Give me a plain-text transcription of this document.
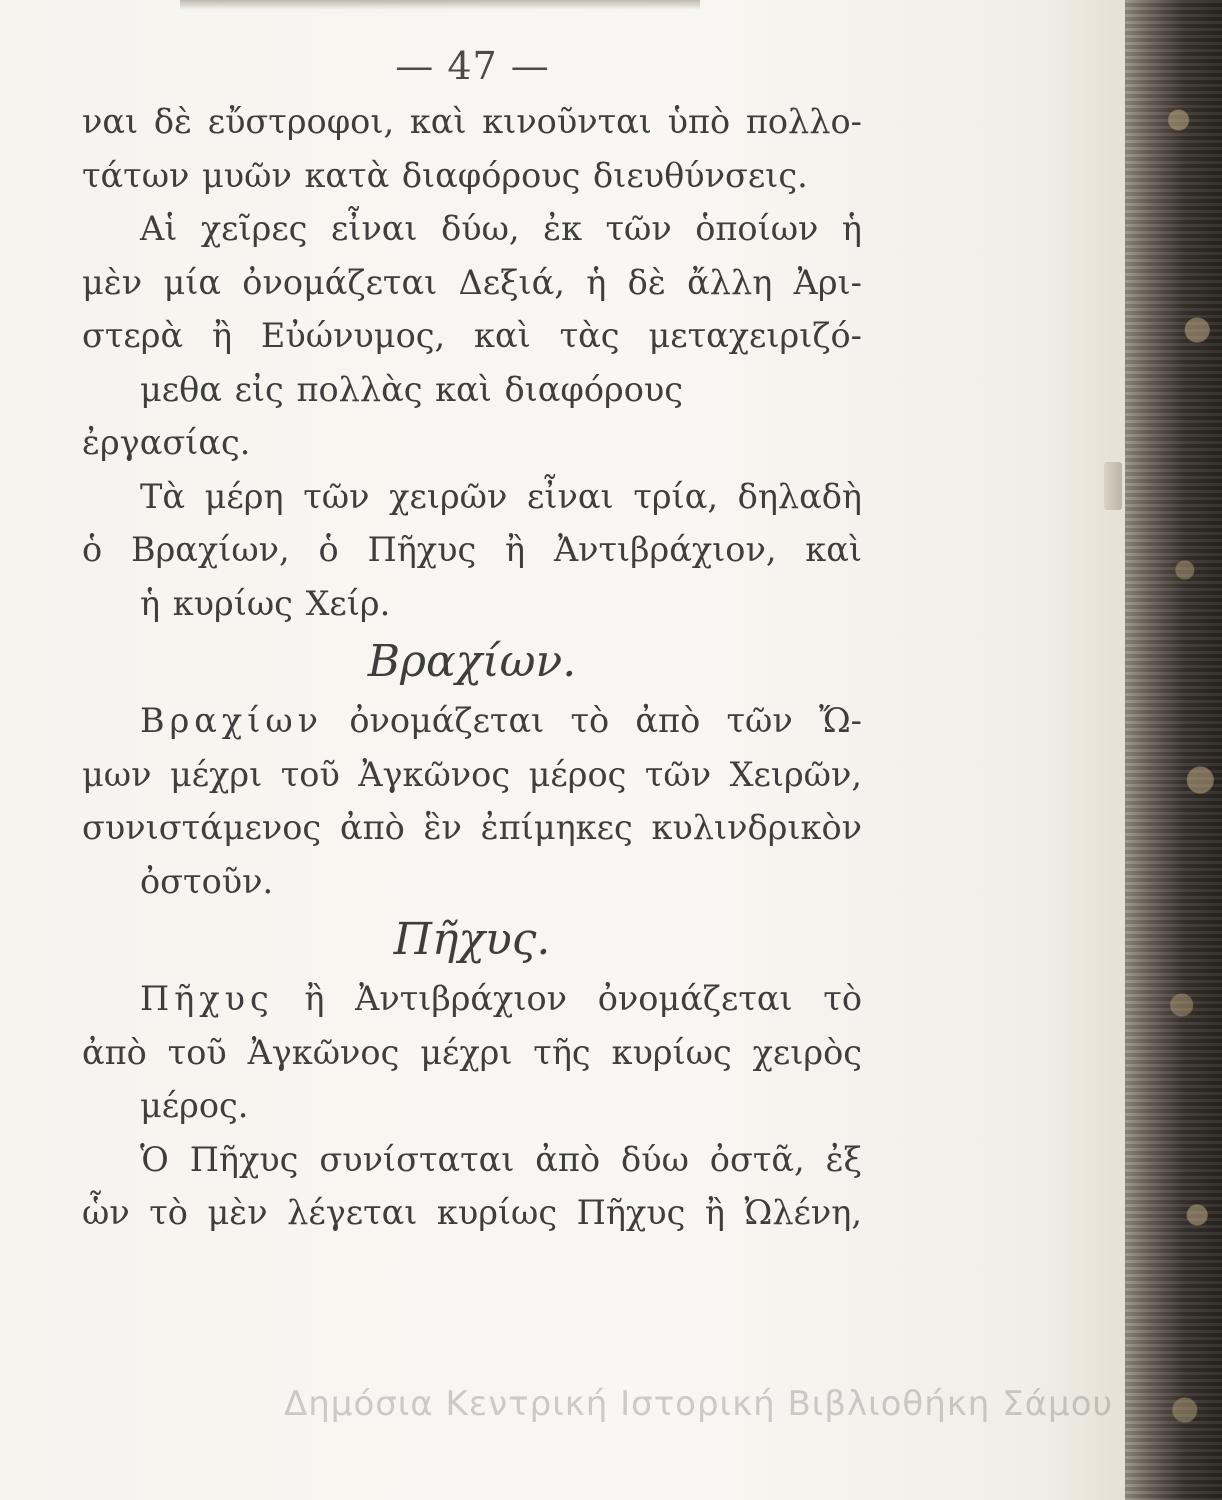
— 47 —

ναι δὲ εὔστροφοι, καὶ κινοῦνται ὑπὸ πολλο-

τάτων μυῶν κατὰ διαφόρους διευθύνσεις.

Αἱ χεῖρες εἶναι δύω, ἐκ τῶν ὁποίων ἡ
μὲν μία ὀνομάζεται Δεξιά, ἡ δὲ ἄλλη Ἀρι-
στερὰ ἢ Εὐώνυμος, καὶ τὰς μεταχειριζό-

μεθα εἰς πολλὰς καὶ διαφόρους ἐργασίας.

Τὰ μέρη τῶν χειρῶν εἶναι τρία, δηλαδὴ
ὁ Βραχίων, ὁ Πῆχυς ἢ Ἀντιβράχιον, καὶ

ἡ κυρίως Χείρ.

Βραχίων.

Βραχίων ὀνομάζεται τὸ ἀπὸ τῶν Ὤ-
μων μέχρι τοῦ Ἀγκῶνος μέρος τῶν Χειρῶν,
συνιστάμενος ἀπὸ ἓν ἐπίμηκες κυλινδρικὸν

ὀστοῦν.

Πῆχυς.

Πῆχυς ἢ Ἀντιβράχιον ὀνομάζεται τὸ
ἀπὸ τοῦ Ἀγκῶνος μέχρι τῆς κυρίως χειρὸς

μέρος.

Ὁ Πῆχυς συνίσταται ἀπὸ δύω ὀστᾶ, ἐξ
ὧν τὸ μὲν λέγεται κυρίως Πῆχυς ἢ Ὠλένη,

Δημόσια Κεντρική Ιστορική Βιβλιοθήκη Σάμου
